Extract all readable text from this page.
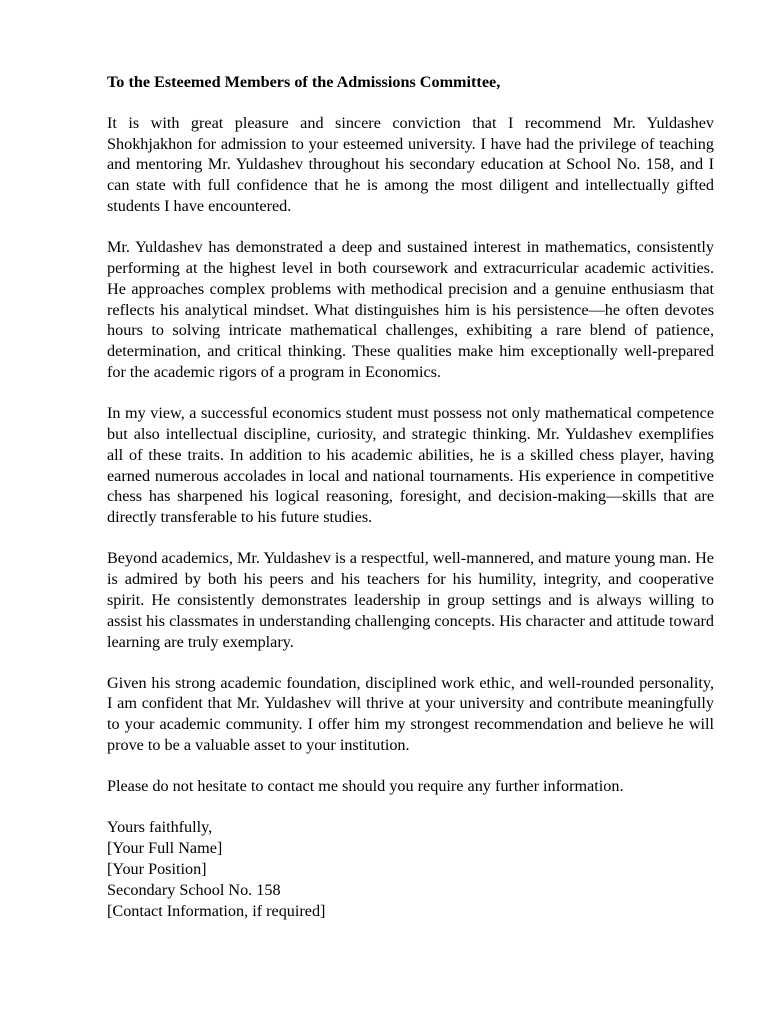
To the Esteemed Members of the Admissions Committee,

It is with great pleasure and sincere conviction that I recommend Mr. Yuldashev Shokhjakhon for admission to your esteemed university. I have had the privilege of teaching and mentoring Mr. Yuldashev throughout his secondary education at School No. 158, and I can state with full confidence that he is among the most diligent and intellectually gifted students I have encountered.

Mr. Yuldashev has demonstrated a deep and sustained interest in mathematics, consistently performing at the highest level in both coursework and extracurricular academic activities. He approaches complex problems with methodical precision and a genuine enthusiasm that reflects his analytical mindset. What distinguishes him is his persistence—he often devotes hours to solving intricate mathematical challenges, exhibiting a rare blend of patience, determination, and critical thinking. These qualities make him exceptionally well-prepared for the academic rigors of a program in Economics.

In my view, a successful economics student must possess not only mathematical competence but also intellectual discipline, curiosity, and strategic thinking. Mr. Yuldashev exemplifies all of these traits. In addition to his academic abilities, he is a skilled chess player, having earned numerous accolades in local and national tournaments. His experience in competitive chess has sharpened his logical reasoning, foresight, and decision-making—skills that are directly transferable to his future studies.

Beyond academics, Mr. Yuldashev is a respectful, well-mannered, and mature young man. He is admired by both his peers and his teachers for his humility, integrity, and cooperative spirit. He consistently demonstrates leadership in group settings and is always willing to assist his classmates in understanding challenging concepts. His character and attitude toward learning are truly exemplary.

Given his strong academic foundation, disciplined work ethic, and well-rounded personality, I am confident that Mr. Yuldashev will thrive at your university and contribute meaningfully to your academic community. I offer him my strongest recommendation and believe he will prove to be a valuable asset to your institution.

Please do not hesitate to contact me should you require any further information.

Yours faithfully,
[Your Full Name]
[Your Position]
Secondary School No. 158
[Contact Information, if required]
